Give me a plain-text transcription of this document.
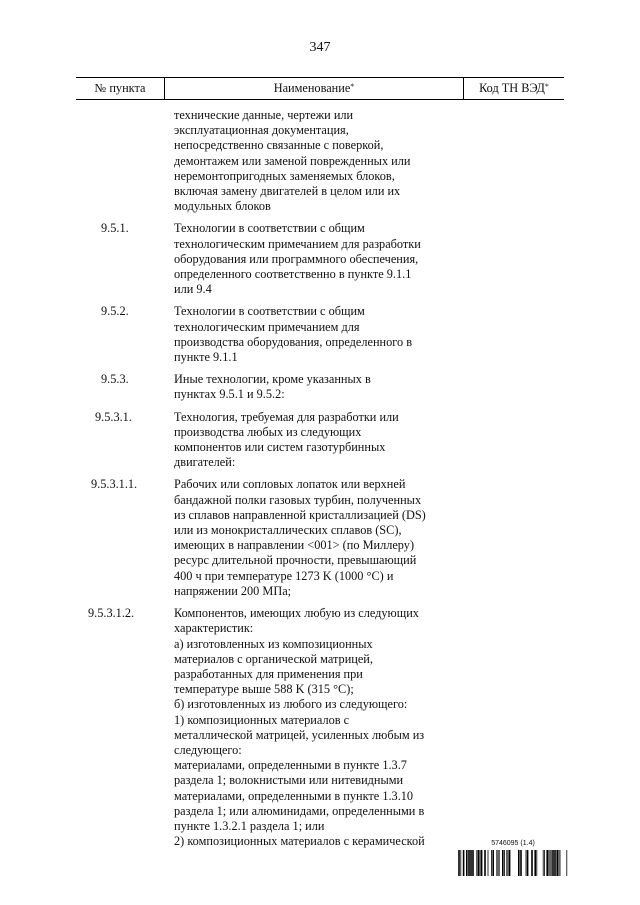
347
№ пункта	Наименование*	Код ТН ВЭД*
технические данные, чертежи или
эксплуатационная документация,
непосредственно связанные с поверкой,
демонтажем или заменой поврежденных или
неремонтопригодных заменяемых блоков,
включая замену двигателей в целом или их
модульных блоков
9.5.1.	Технологии в соответствии с общим
технологическим примечанием для разработки
оборудования или программного обеспечения,
определенного соответственно в пункте 9.1.1
или 9.4
9.5.2.	Технологии в соответствии с общим
технологическим примечанием для
производства оборудования, определенного в
пункте 9.1.1
9.5.3.	Иные технологии, кроме указанных в
пунктах 9.5.1 и 9.5.2:
9.5.3.1.	Технология, требуемая для разработки или
производства любых из следующих
компонентов или систем газотурбинных
двигателей:
9.5.3.1.1.	Рабочих или сопловых лопаток или верхней
бандажной полки газовых турбин, полученных
из сплавов направленной кристаллизацией (DS)
или из монокристаллических сплавов (SC),
имеющих в направлении <001> (по Миллеру)
ресурс длительной прочности, превышающий
400 ч при температуре 1273 K (1000 °C) и
напряжении 200 МПа;
9.5.3.1.2.	Компонентов, имеющих любую из следующих
характеристик:
а) изготовленных из композиционных
материалов с органической матрицей,
разработанных для применения при
температуре выше 588 K (315 °C);
б) изготовленных из любого из следующего:
1) композиционных материалов с
металлической матрицей, усиленных любым из
следующего:
материалами, определенными в пункте 1.3.7
раздела 1; волокнистыми или нитевидными
материалами, определенными в пункте 1.3.10
раздела 1; или алюминидами, определенными в
пункте 1.3.2.1 раздела 1; или
2) композиционных материалов с керамической	5746095 (1.4)
